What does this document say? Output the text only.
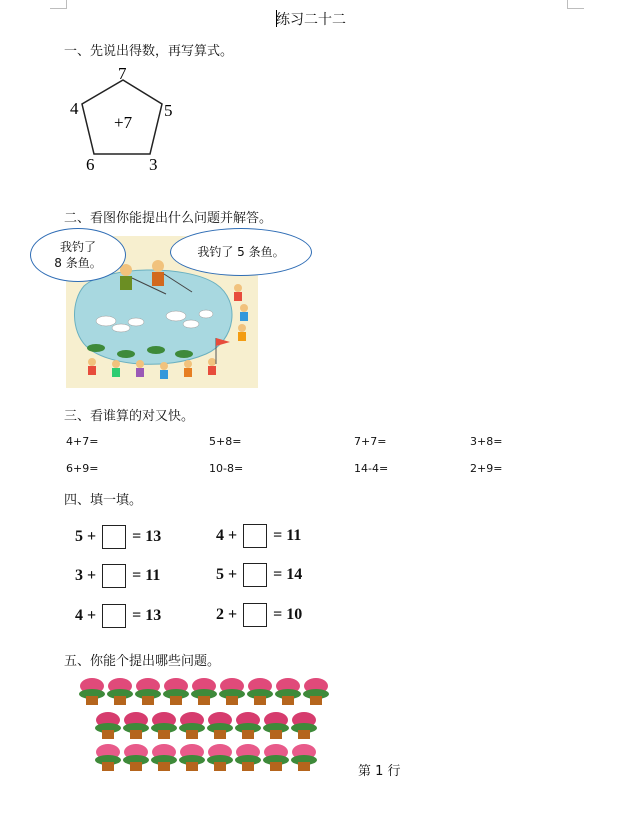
练习二十二
一、先说出得数，再写算式。
+7
7
4	5
6	3
二、看图你能提出什么问题并解答。
我钓了
8 条鱼。
我钓了 5 条鱼。
三、看谁算的对又快。
4+7=	5+8=	7+7=	3+8=
6+9=	10-8=	14-4=	2+9=
四、填一填。
5 + = 13
3 + = 11
4 + = 13
4 + = 11
5 + = 14
2 + = 10
五、你能个提出哪些问题。
第 1 行
